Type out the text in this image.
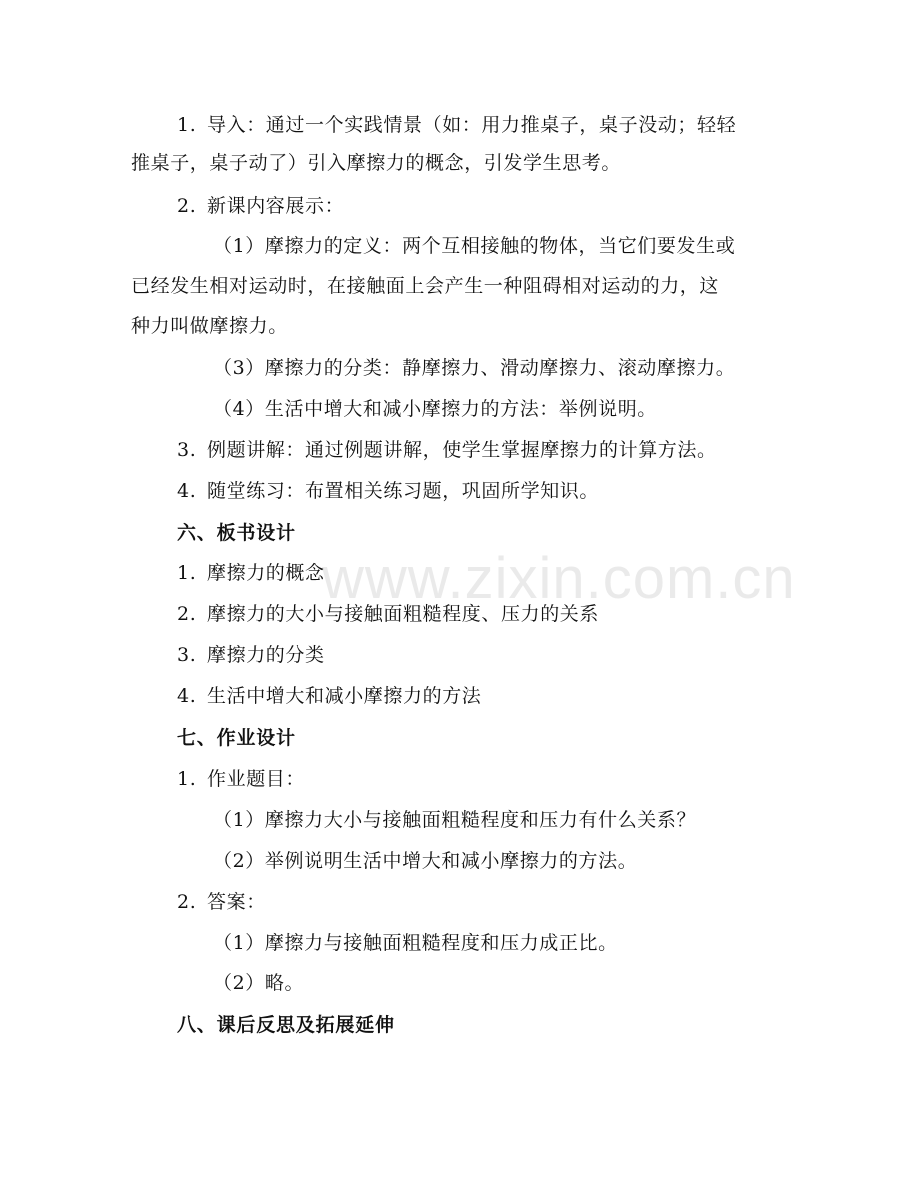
www.zixin.com.cn
1. 导入：通过一个实践情景（如：用力推桌子，桌子没动；轻轻
推桌子，桌子动了）引入摩擦力的概念，引发学生思考。
2. 新课内容展示：
（1）摩擦力的定义：两个互相接触的物体，当它们要发生或
已经发生相对运动时，在接触面上会产生一种阻碍相对运动的力，这
种力叫做摩擦力。
（3）摩擦力的分类：静摩擦力、滑动摩擦力、滚动摩擦力。
（4）生活中增大和减小摩擦力的方法：举例说明。
3. 例题讲解：通过例题讲解，使学生掌握摩擦力的计算方法。
4. 随堂练习：布置相关练习题，巩固所学知识。
六、板书设计
1. 摩擦力的概念
2. 摩擦力的大小与接触面粗糙程度、压力的关系
3. 摩擦力的分类
4. 生活中增大和减小摩擦力的方法
七、作业设计
1. 作业题目：
（1）摩擦力大小与接触面粗糙程度和压力有什么关系？
（2）举例说明生活中增大和减小摩擦力的方法。
2. 答案：
（1）摩擦力与接触面粗糙程度和压力成正比。
（2）略。
八、课后反思及拓展延伸
